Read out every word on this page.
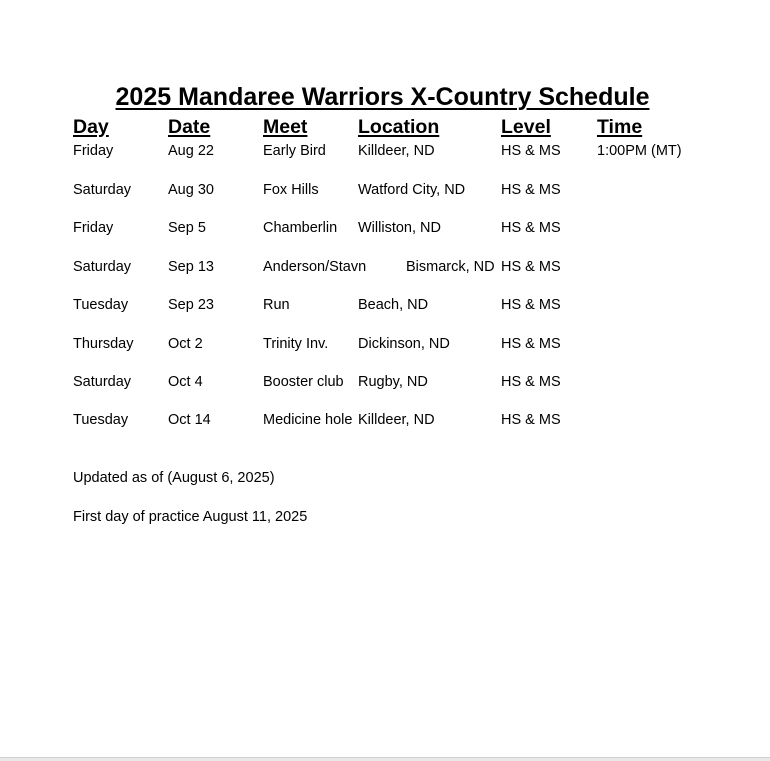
2025 Mandaree Warriors X-Country Schedule
Day	Date	Meet	Location	Level Time
Friday	Aug 22	Early Bird Killdeer, ND	HS & MS	1:00PM (MT)
Saturday	Aug 30	Fox Hills	Watford City, ND HS & MS
Friday	Sep 5	Chamberlin Williston, ND	HS & MS
Saturday	Sep 13	Anderson/Stavn	Bismarck, ND HS & MS
Tuesday	Sep 23	Run	Beach, ND	HS & MS
Thursday Oct 2	Trinity Inv. Dickinson, ND	HS & MS
Saturday	Oct 4	Booster club Rugby, ND	HS & MS
Tuesday	Oct 14	Medicine hole Killdeer, ND	HS & MS
Updated as of (August 6, 2025)
First day of practice August 11, 2025
